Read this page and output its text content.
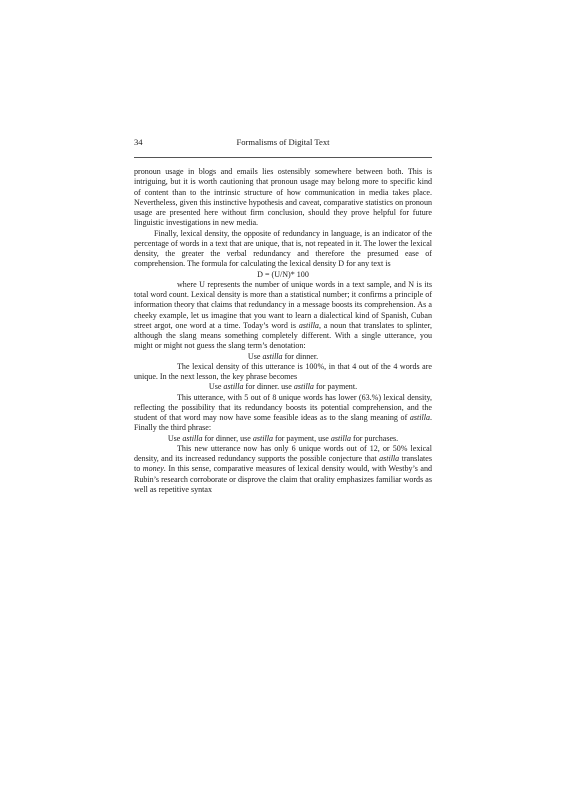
34	Formalisms of Digital Text

pronoun usage in blogs and emails lies ostensibly somewhere between both. This is intriguing, but it is worth cautioning that pronoun usage may belong more to specific kind of content than to the intrinsic structure of how communication in media takes place. Nevertheless, given this instinctive hypothesis and caveat, comparative statistics on pronoun usage are presented here without firm conclusion, should they prove helpful for future linguistic investigations in new media.

Finally, lexical density, the opposite of redundancy in language, is an indicator of the percentage of words in a text that are unique, that is, not repeated in it. The lower the lexical density, the greater the verbal redundancy and therefore the presumed ease of comprehension. The formula for calculating the lexical density D for any text is

D = (U/N)* 100

where U represents the number of unique words in a text sample, and N is its total word count. Lexical density is more than a statistical number; it confirms a principle of information theory that claims that redundancy in a message boosts its comprehension. As a cheeky example, let us imagine that you want to learn a dialectical kind of Spanish, Cuban street argot, one word at a time. Today’s word is astilla, a noun that translates to splinter, although the slang means something completely different. With a single utterance, you might or might not guess the slang term’s denotation:

Use astilla for dinner.

The lexical density of this utterance is 100%, in that 4 out of the 4 words are unique. In the next lesson, the key phrase becomes

Use astilla for dinner. use astilla for payment.

This utterance, with 5 out of 8 unique words has lower (63.%) lexical density, reflecting the possibility that its redundancy boosts its potential comprehension, and the student of that word may now have some feasible ideas as to the slang meaning of astilla. Finally the third phrase:

Use astilla for dinner, use astilla for payment, use astilla for purchases.

This new utterance now has only 6 unique words out of 12, or 50% lexical density, and its increased redundancy supports the possible conjecture that astilla translates to money. In this sense, comparative measures of lexical density would, with Westby’s and Rubin’s research corroborate or disprove the claim that orality emphasizes familiar words as well as repetitive syntax
